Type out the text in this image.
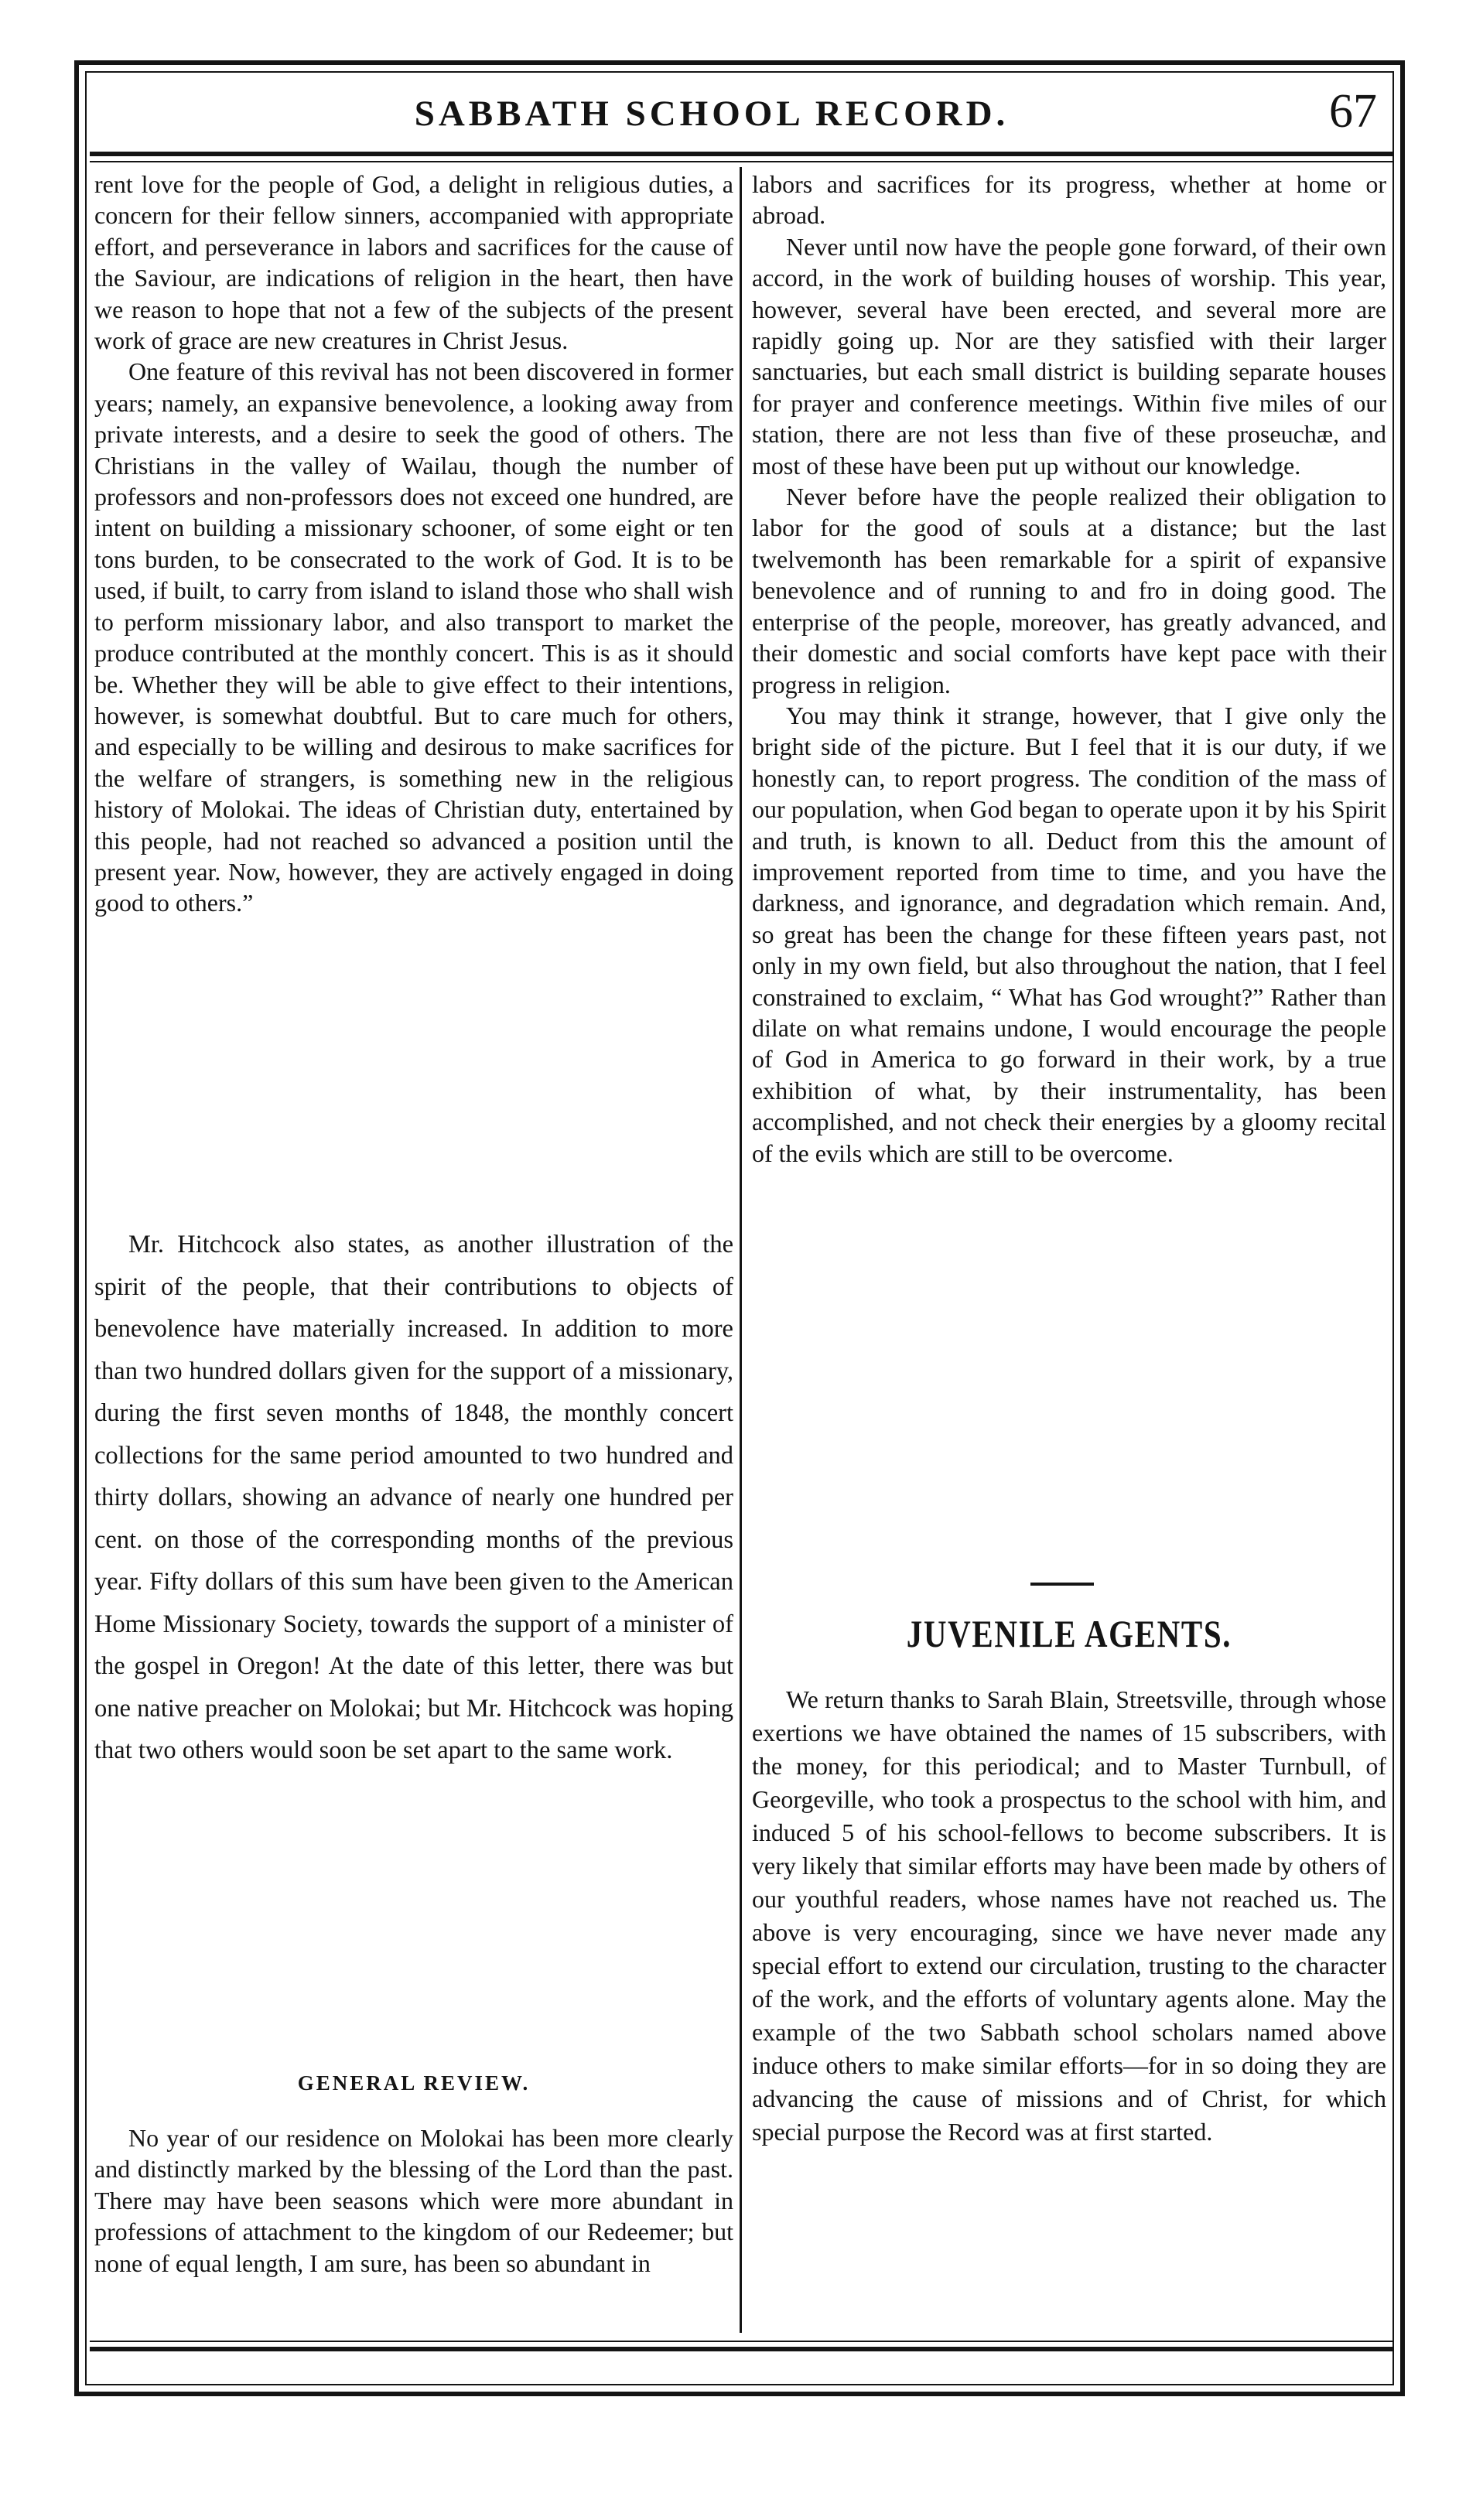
SABBATH SCHOOL RECORD.	67

rent love for the people of God, a delight in religious duties, a concern for their fellow sinners, accompanied with appropriate effort, and perseverance in labors and sacrifices for the cause of the Saviour, are indications of religion in the heart, then have we reason to hope that not a few of the subjects of the present work of grace are new creatures in Christ Jesus.

One feature of this revival has not been discovered in former years; namely, an expansive benevolence, a looking away from private interests, and a desire to seek the good of others. The Christians in the valley of Wailau, though the number of professors and non-professors does not exceed one hundred, are intent on building a missionary schooner, of some eight or ten tons burden, to be consecrated to the work of God. It is to be used, if built, to carry from island to island those who shall wish to perform missionary labor, and also transport to market the produce contributed at the monthly concert. This is as it should be. Whether they will be able to give effect to their intentions, however, is somewhat doubtful. But to care much for others, and especially to be willing and desirous to make sacrifices for the welfare of strangers, is something new in the religious history of Molokai. The ideas of Christian duty, entertained by this people, had not reached so advanced a position until the present year. Now, however, they are actively engaged in doing good to others.”

Mr. Hitchcock also states, as another illustration of the spirit of the people, that their contributions to objects of benevolence have materially increased. In addition to more than two hundred dollars given for the support of a missionary, during the first seven months of 1848, the monthly concert collections for the same period amounted to two hundred and thirty dollars, showing an advance of nearly one hundred per cent. on those of the corresponding months of the previous year. Fifty dollars of this sum have been given to the American Home Missionary Society, towards the support of a minister of the gospel in Oregon! At the date of this letter, there was but one native preacher on Molokai; but Mr. Hitchcock was hoping that two others would soon be set apart to the same work.

GENERAL REVIEW.

No year of our residence on Molokai has been more clearly and distinctly marked by the blessing of the Lord than the past. There may have been seasons which were more abundant in professions of attachment to the kingdom of our Redeemer; but none of equal length, I am sure, has been so abundant in

labors and sacrifices for its progress, whether at home or abroad.

Never until now have the people gone forward, of their own accord, in the work of building houses of worship. This year, however, several have been erected, and several more are rapidly going up. Nor are they satisfied with their larger sanctuaries, but each small district is building separate houses for prayer and conference meetings. Within five miles of our station, there are not less than five of these proseuchæ, and most of these have been put up without our knowledge.

Never before have the people realized their obligation to labor for the good of souls at a distance; but the last twelvemonth has been remarkable for a spirit of expansive benevolence and of running to and fro in doing good. The enterprise of the people, moreover, has greatly advanced, and their domestic and social comforts have kept pace with their progress in religion.

You may think it strange, however, that I give only the bright side of the picture. But I feel that it is our duty, if we honestly can, to report progress. The condition of the mass of our population, when God began to operate upon it by his Spirit and truth, is known to all. Deduct from this the amount of improvement reported from time to time, and you have the darkness, and ignorance, and degradation which remain. And, so great has been the change for these fifteen years past, not only in my own field, but also throughout the nation, that I feel constrained to exclaim, “ What has God wrought?” Rather than dilate on what remains undone, I would encourage the people of God in America to go forward in their work, by a true exhibition of what, by their instrumentality, has been accomplished, and not check their energies by a gloomy recital of the evils which are still to be overcome.

JUVENILE AGENTS.

We return thanks to Sarah Blain, Streetsville, through whose exertions we have obtained the names of 15 subscribers, with the money, for this periodical; and to Master Turnbull, of Georgeville, who took a prospectus to the school with him, and induced 5 of his school-fellows to become subscribers. It is very likely that similar efforts may have been made by others of our youthful readers, whose names have not reached us. The above is very encouraging, since we have never made any special effort to extend our circulation, trusting to the character of the work, and the efforts of voluntary agents alone. May the example of the two Sabbath school scholars named above induce others to make similar efforts—for in so doing they are advancing the cause of missions and of Christ, for which special purpose the Record was at first started.
